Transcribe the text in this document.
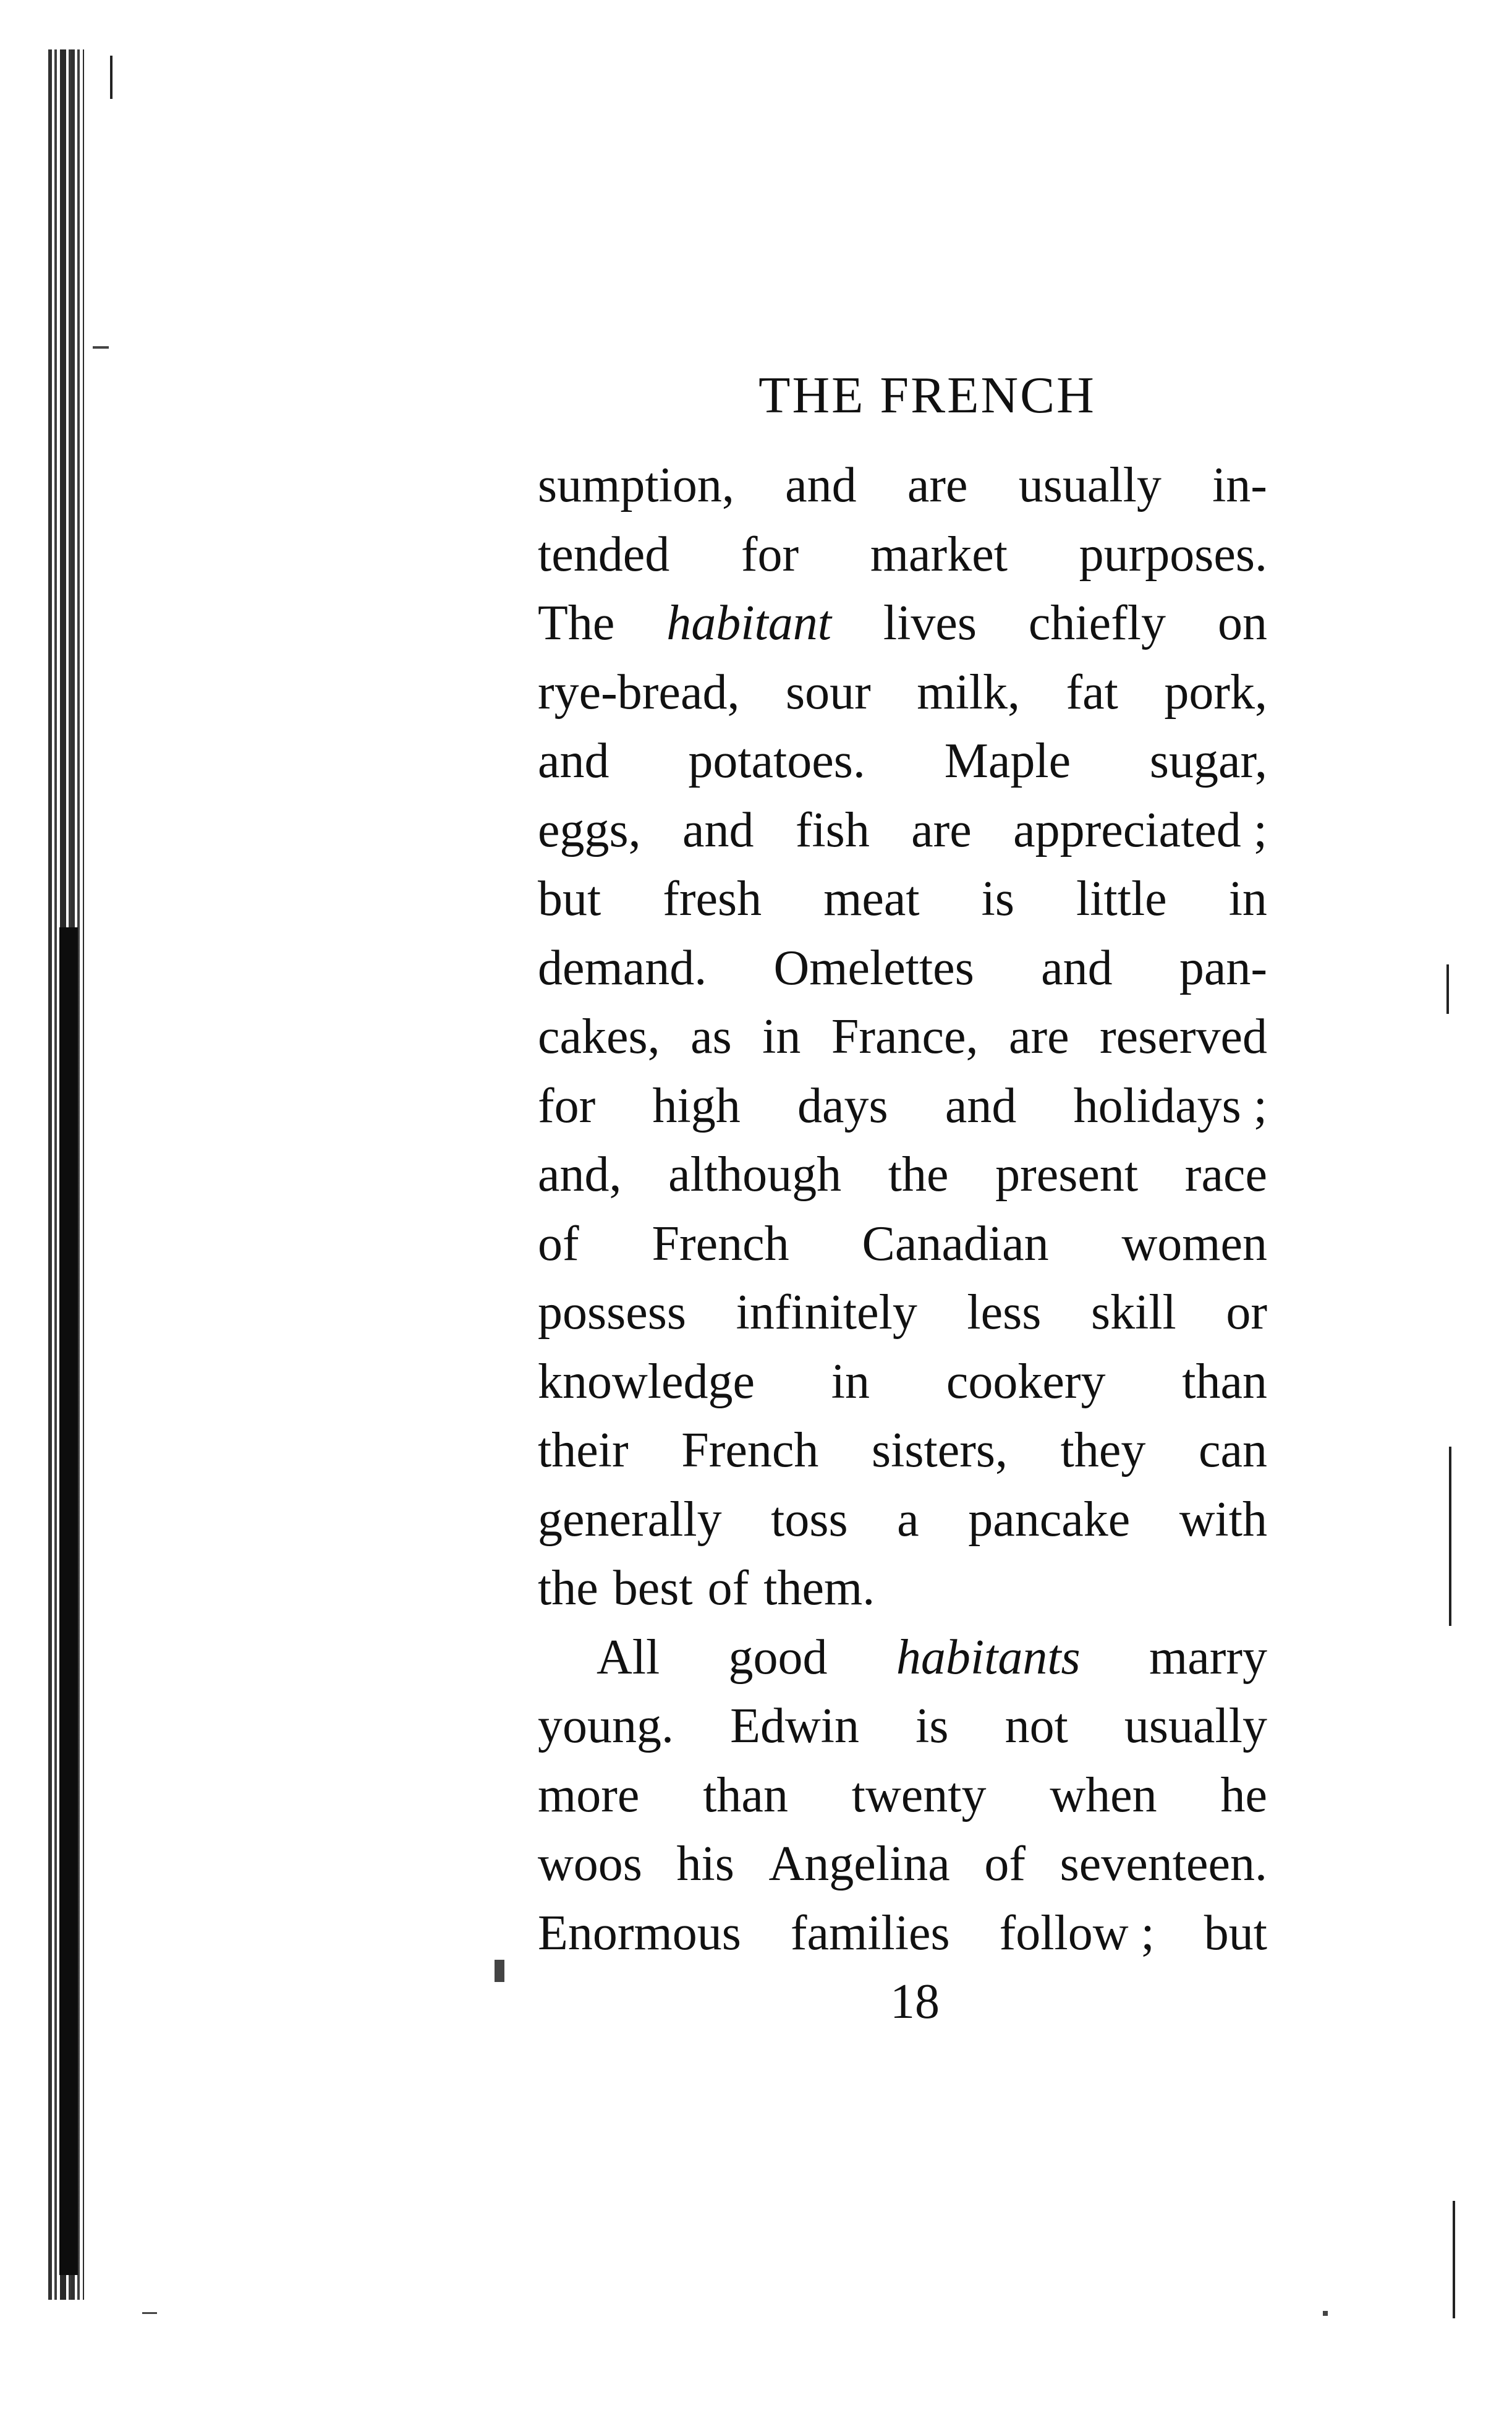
THE FRENCH
sumption, and are usually in-
tended for market purposes.
The habitant lives chiefly on
rye-bread, sour milk, fat pork,
and potatoes. Maple sugar,
eggs, and fish are appreciated ;
but fresh meat is little in
demand. Omelettes and pan-
cakes, as in France, are reserved
for high days and holidays ;
and, although the present race
of French Canadian women
possess infinitely less skill or
knowledge in cookery than
their French sisters, they can
generally toss a pancake with
the best of them.
All good habitants marry
young. Edwin is not usually
more than twenty when he
woos his Angelina of seventeen.
Enormous families follow ; but
18
